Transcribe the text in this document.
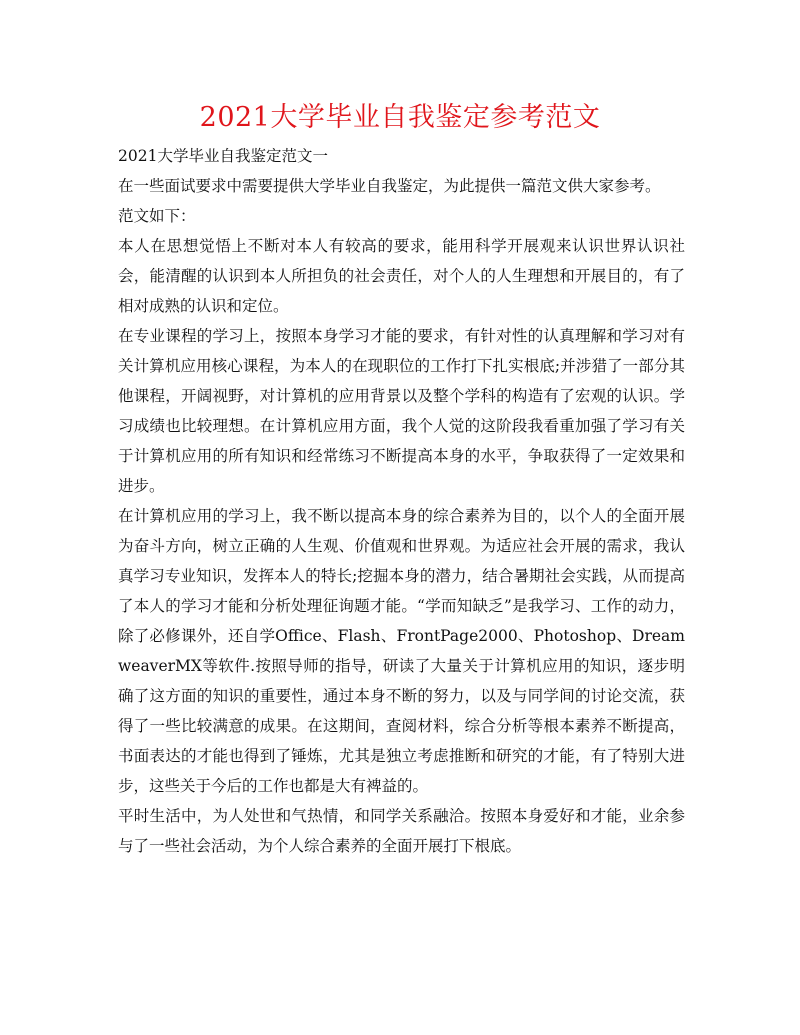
2021大学毕业自我鉴定参考范文

2021大学毕业自我鉴定范文一

在一些面试要求中需要提供大学毕业自我鉴定，为此提供一篇范文供大家参考。

范文如下：

本人在思想觉悟上不断对本人有较高的要求，能用科学开展观来认识世界认识社会，能清醒的认识到本人所担负的社会责任，对个人的人生理想和开展目的，有了相对成熟的认识和定位。

在专业课程的学习上，按照本身学习才能的要求，有针对性的认真理解和学习对有关计算机应用核心课程，为本人的在现职位的工作打下扎实根底;并涉猎了一部分其他课程，开阔视野，对计算机的应用背景以及整个学科的构造有了宏观的认识。学习成绩也比较理想。在计算机应用方面，我个人觉的这阶段我看重加强了学习有关于计算机应用的所有知识和经常练习不断提高本身的水平，争取获得了一定效果和进步。

在计算机应用的学习上，我不断以提高本身的综合素养为目的，以个人的全面开展为奋斗方向，树立正确的人生观、价值观和世界观。为适应社会开展的需求，我认真学习专业知识，发挥本人的特长;挖掘本身的潜力，结合暑期社会实践，从而提高了本人的学习才能和分析处理征询题才能。“学而知缺乏”是我学习、工作的动力，除了必修课外，还自学Office、Flash、FrontPage2000、Photoshop、DreamweaverMX等软件.按照导师的指导，研读了大量关于计算机应用的知识，逐步明确了这方面的知识的重要性，通过本身不断的努力，以及与同学间的讨论交流，获得了一些比较满意的成果。在这期间，查阅材料，综合分析等根本素养不断提高，书面表达的才能也得到了锤炼，尤其是独立考虑推断和研究的才能，有了特别大进步，这些关于今后的工作也都是大有裨益的。

平时生活中，为人处世和气热情，和同学关系融洽。按照本身爱好和才能，业余参与了一些社会活动，为个人综合素养的全面开展打下根底。
